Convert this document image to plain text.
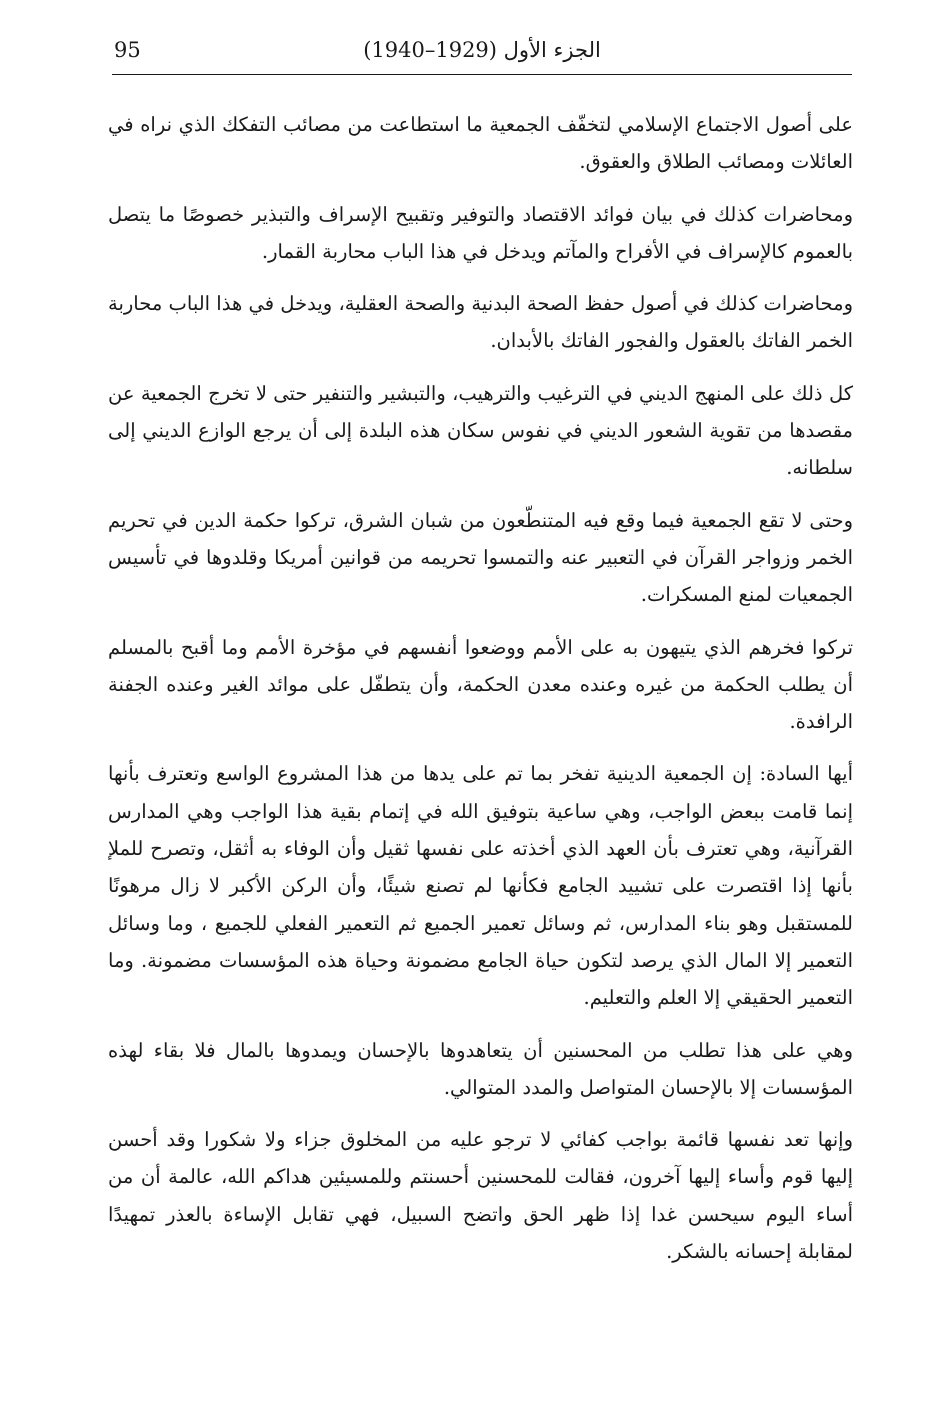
95	الجزء الأول (1929–1940)

على أصول الاجتماع الإسلامي لتخفّف الجمعية ما استطاعت من مصائب التفكك الذي نراه في العائلات ومصائب الطلاق والعقوق.

ومحاضرات كذلك في بيان فوائد الاقتصاد والتوفير وتقبيح الإسراف والتبذير خصوصًا ما يتصل بالعموم كالإسراف في الأفراح والمآتم ويدخل في هذا الباب محاربة القمار.

ومحاضرات كذلك في أصول حفظ الصحة البدنية والصحة العقلية، ويدخل في هذا الباب محاربة الخمر الفاتك بالعقول والفجور الفاتك بالأبدان.

كل ذلك على المنهج الديني في الترغيب والترهيب، والتبشير والتنفير حتى لا تخرج الجمعية عن مقصدها من تقوية الشعور الديني في نفوس سكان هذه البلدة إلى أن يرجع الوازع الديني إلى سلطانه.

وحتى لا تقع الجمعية فيما وقع فيه المتنطّعون من شبان الشرق، تركوا حكمة الدين في تحريم الخمر وزواجر القرآن في التعبير عنه والتمسوا تحريمه من قوانين أمريكا وقلدوها في تأسيس الجمعيات لمنع المسكرات.

تركوا فخرهم الذي يتيهون به على الأمم ووضعوا أنفسهم في مؤخرة الأمم وما أقبح بالمسلم أن يطلب الحكمة من غيره وعنده معدن الحكمة، وأن يتطفّل على موائد الغير وعنده الجفنة الرافدة.

أيها السادة: إن الجمعية الدينية تفخر بما تم على يدها من هذا المشروع الواسع وتعترف بأنها إنما قامت ببعض الواجب، وهي ساعية بتوفيق الله في إتمام بقية هذا الواجب وهي المدارس القرآنية، وهي تعترف بأن العهد الذي أخذته على نفسها ثقيل وأن الوفاء به أثقل، وتصرح للملإ بأنها إذا اقتصرت على تشييد الجامع فكأنها لم تصنع شيئًا، وأن الركن الأكبر لا زال مرهونًا للمستقبل وهو بناء المدارس، ثم وسائل تعمير الجميع ثم التعمير الفعلي للجميع ، وما وسائل التعمير إلا المال الذي يرصد لتكون حياة الجامع مضمونة وحياة هذه المؤسسات مضمونة. وما التعمير الحقيقي إلا العلم والتعليم.

وهي على هذا تطلب من المحسنين أن يتعاهدوها بالإحسان ويمدوها بالمال فلا بقاء لهذه المؤسسات إلا بالإحسان المتواصل والمدد المتوالي.

وإنها تعد نفسها قائمة بواجب كفائي لا ترجو عليه من المخلوق جزاء ولا شكورا وقد أحسن إليها قوم وأساء إليها آخرون، فقالت للمحسنين أحسنتم وللمسيئين هداكم الله، عالمة أن من أساء اليوم سيحسن غدا إذا ظهر الحق واتضح السبيل، فهي تقابل الإساءة بالعذر تمهيدًا لمقابلة إحسانه بالشكر.
